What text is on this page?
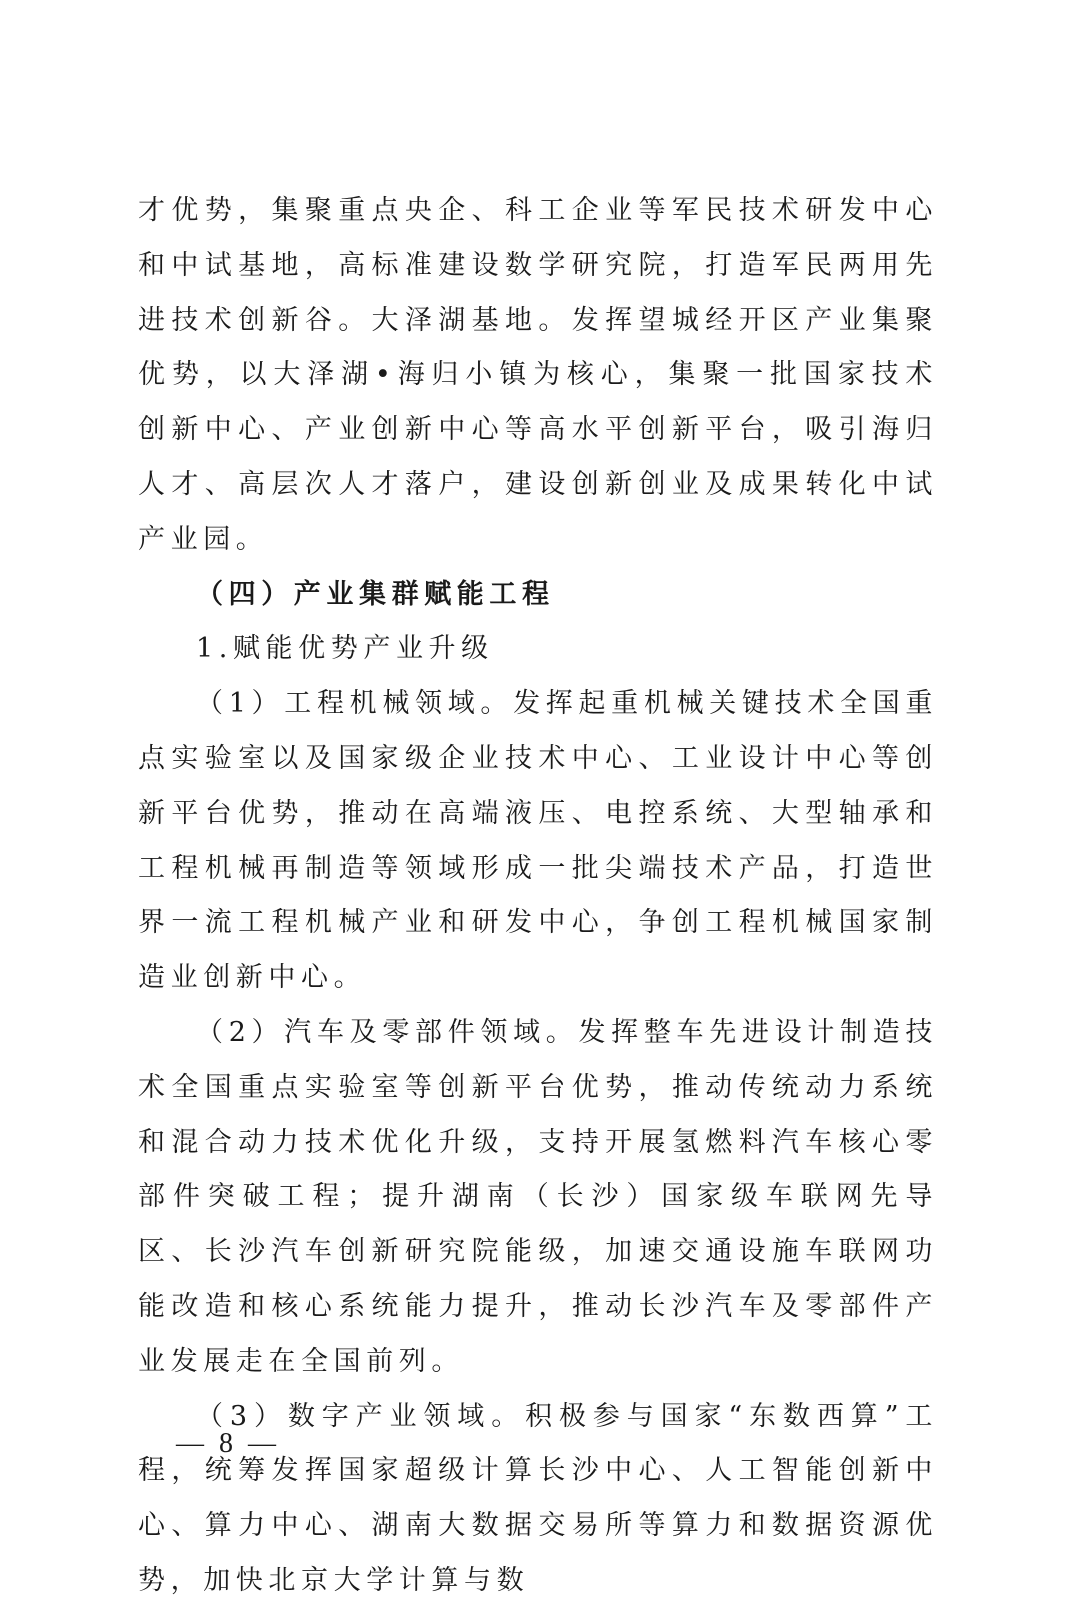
才优势，集聚重点央企、科工企业等军民技术研发中心和中试基地，高标准建设数学研究院，打造军民两用先进技术创新谷。大泽湖基地。发挥望城经开区产业集聚优势，以大泽湖•海归小镇为核心，集聚一批国家技术创新中心、产业创新中心等高水平创新平台，吸引海归人才、高层次人才落户，建设创新创业及成果转化中试产业园。

（四）产业集群赋能工程

1.赋能优势产业升级

（1）工程机械领域。发挥起重机械关键技术全国重点实验室以及国家级企业技术中心、工业设计中心等创新平台优势，推动在高端液压、电控系统、大型轴承和工程机械再制造等领域形成一批尖端技术产品，打造世界一流工程机械产业和研发中心，争创工程机械国家制造业创新中心。

（2）汽车及零部件领域。发挥整车先进设计制造技术全国重点实验室等创新平台优势，推动传统动力系统和混合动力技术优化升级，支持开展氢燃料汽车核心零部件突破工程；提升湖南（长沙）国家级车联网先导区、长沙汽车创新研究院能级，加速交通设施车联网功能改造和核心系统能力提升，推动长沙汽车及零部件产业发展走在全国前列。

（3）数字产业领域。积极参与国家“东数西算”工程，统筹发挥国家超级计算长沙中心、人工智能创新中心、算力中心、湖南大数据交易所等算力和数据资源优势，加快北京大学计算与数

— 8 —
